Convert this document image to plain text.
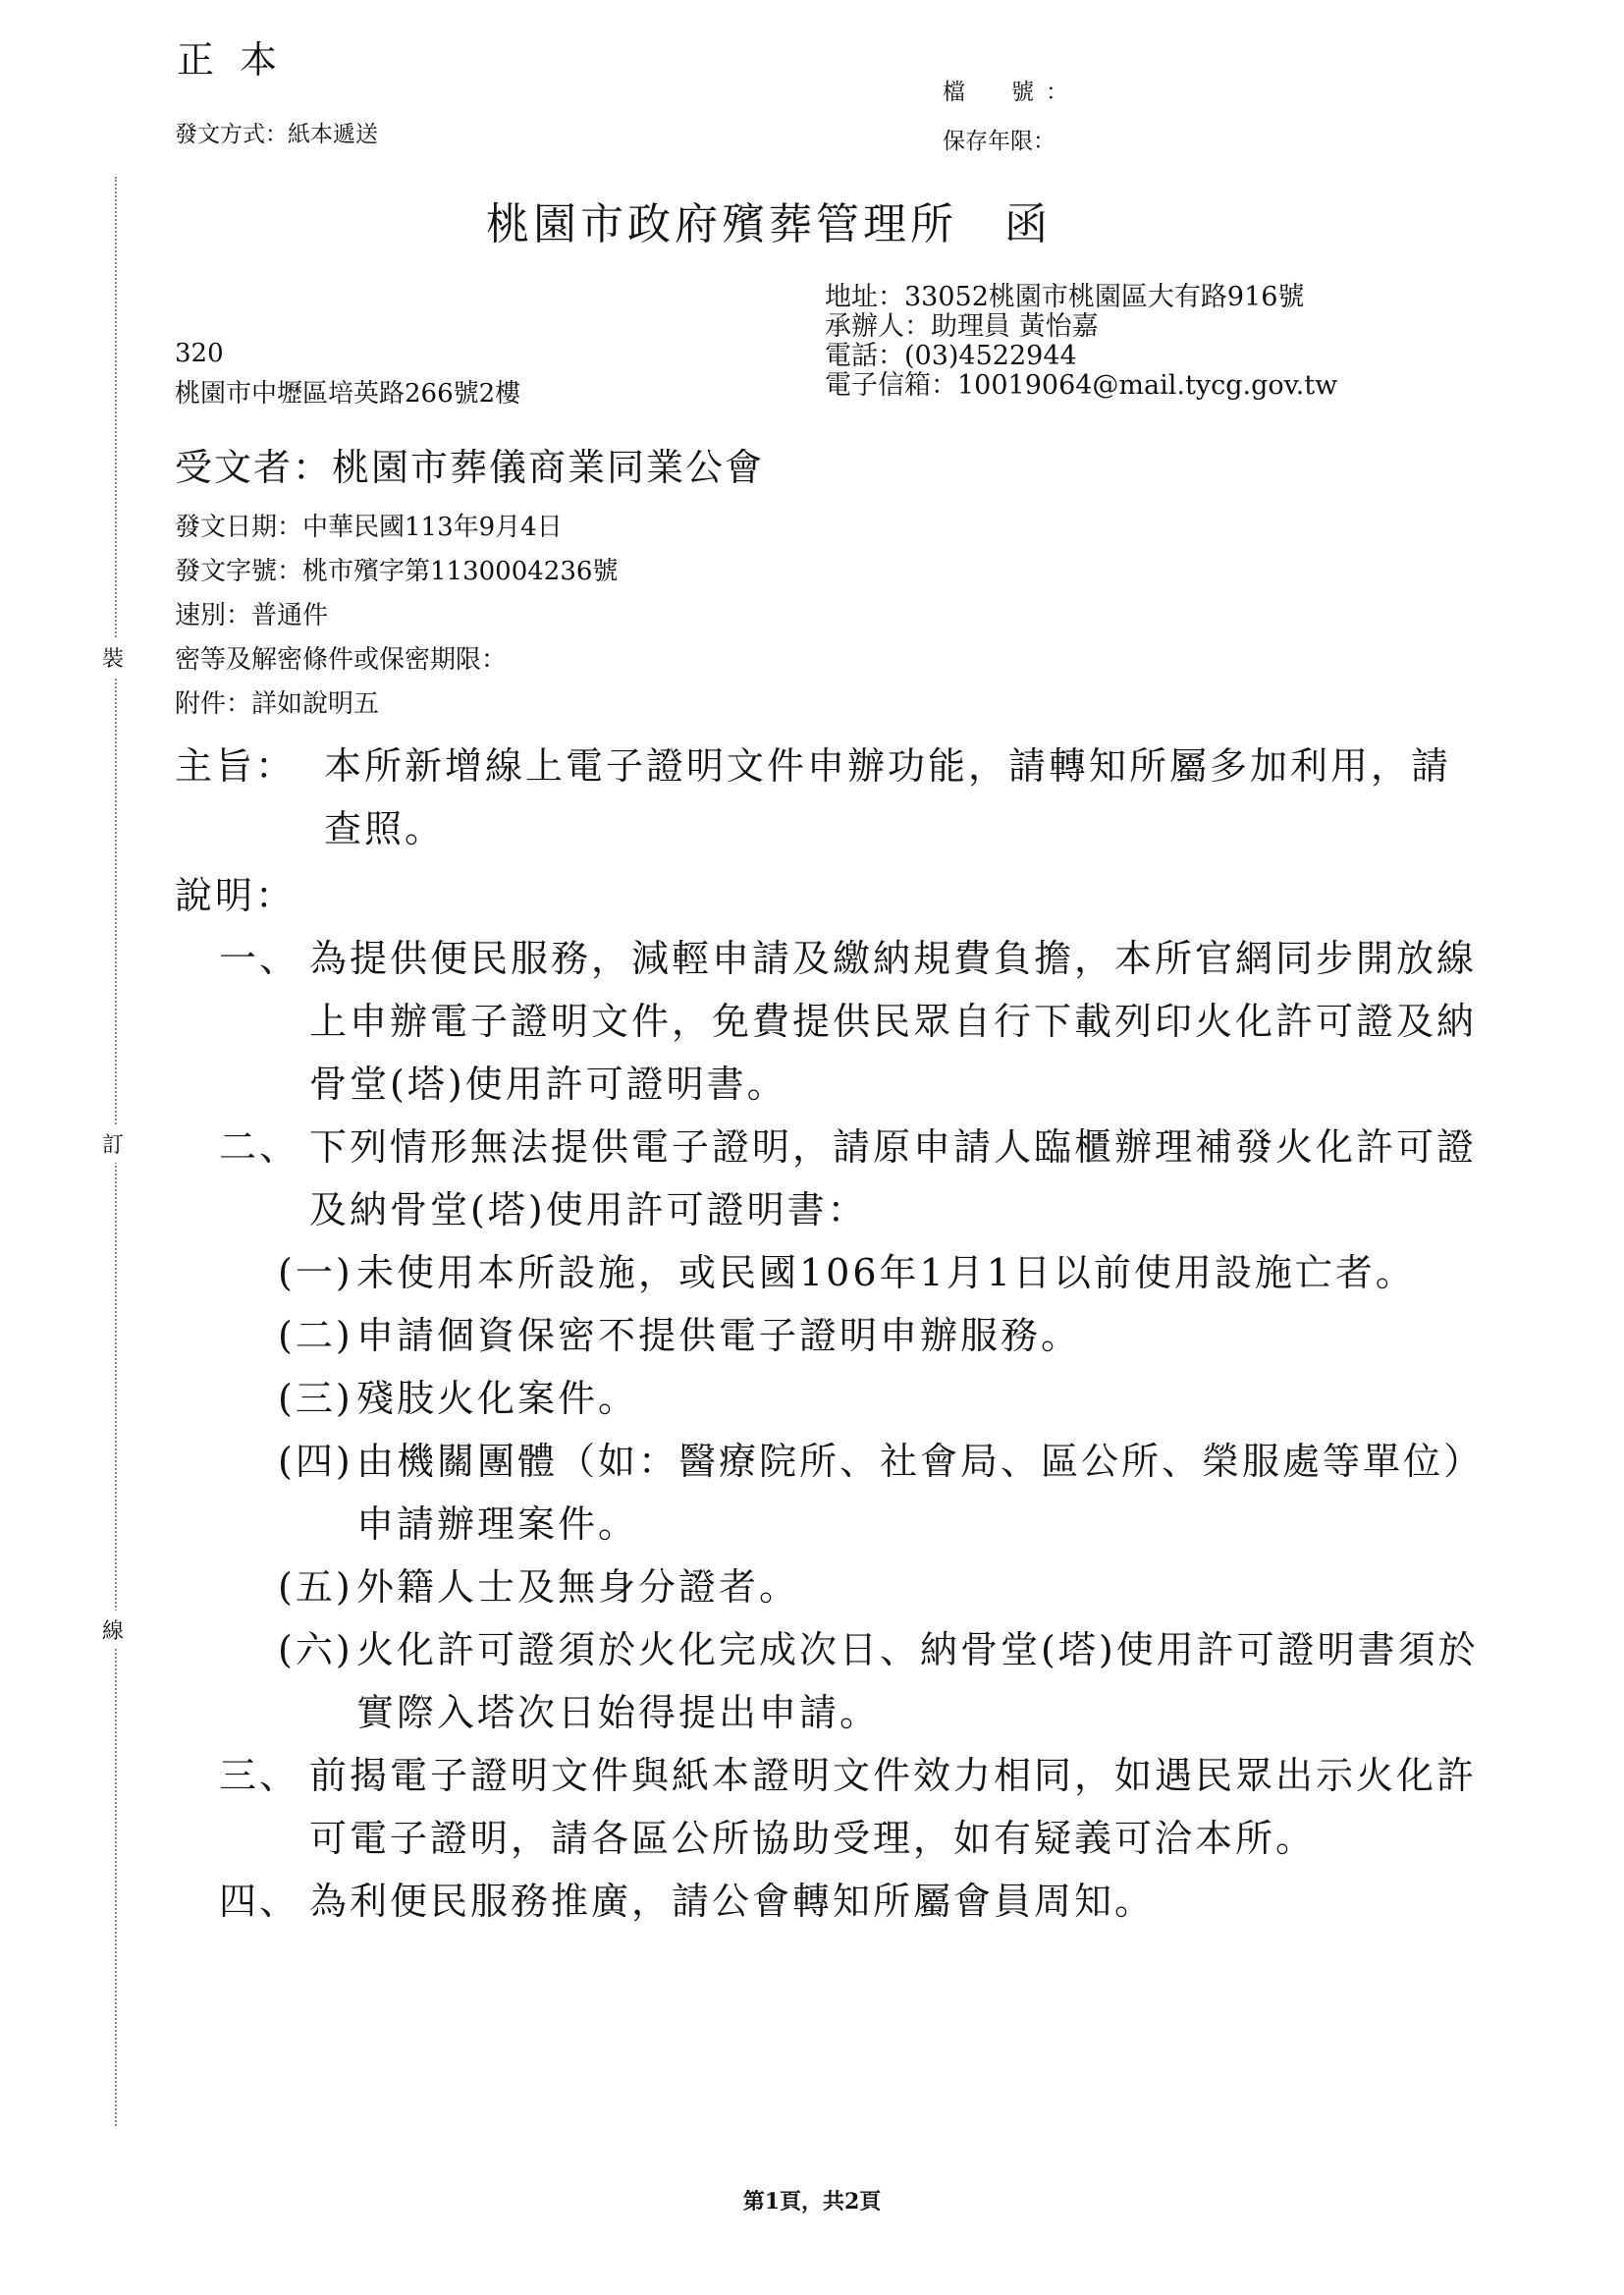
正本
發文方式：紙本遞送
檔　號：
保存年限：
桃園市政府殯葬管理所　函
地址：33052桃園市桃園區大有路916號
承辦人：助理員 黃怡嘉
電話：(03)4522944
電子信箱：10019064@mail.tycg.gov.tw
320
桃園市中壢區培英路266號2樓
受文者：桃園市葬儀商業同業公會
發文日期：中華民國113年9月4日
發文字號：桃市殯字第1130004236號
速別：普通件
密等及解密條件或保密期限：
附件：詳如說明五
裝
訂
線
主旨： 本所新增線上電子證明文件申辦功能，請轉知所屬多加利用，請查照。
說明：
一、 為提供便民服務，減輕申請及繳納規費負擔，本所官網同步開放線上申辦電子證明文件，免費提供民眾自行下載列印火化許可證及納骨堂(塔)使用許可證明書。
二、 下列情形無法提供電子證明，請原申請人臨櫃辦理補發火化許可證及納骨堂(塔)使用許可證明書：
(一) 未使用本所設施，或民國106年1月1日以前使用設施亡者。
(二) 申請個資保密不提供電子證明申辦服務。
(三) 殘肢火化案件。
(四) 由機關團體（如：醫療院所、社會局、區公所、榮服處等單位）申請辦理案件。
(五) 外籍人士及無身分證者。
(六) 火化許可證須於火化完成次日、納骨堂(塔)使用許可證明書須於實際入塔次日始得提出申請。
三、 前揭電子證明文件與紙本證明文件效力相同，如遇民眾出示火化許可電子證明，請各區公所協助受理，如有疑義可洽本所。
四、 為利便民服務推廣，請公會轉知所屬會員周知。
第1頁，共2頁
